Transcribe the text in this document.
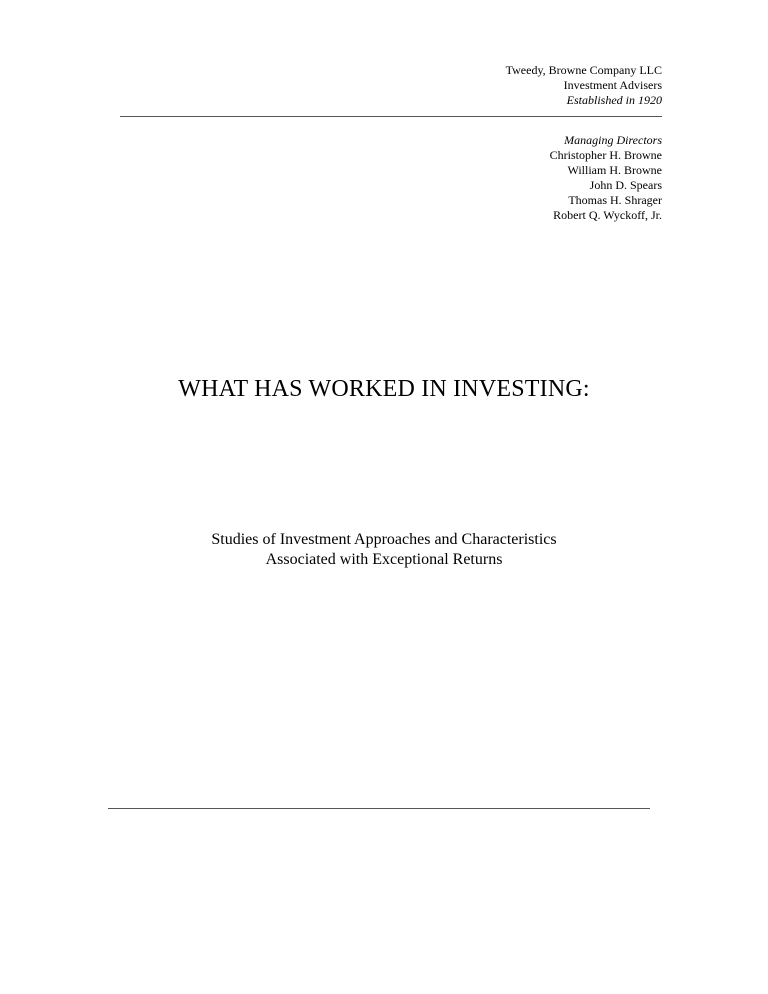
Tweedy, Browne Company LLC
Investment Advisers
Established in 1920
Managing Directors
Christopher H. Browne
William H. Browne
John D. Spears
Thomas H. Shrager
Robert Q. Wyckoff, Jr.
WHAT HAS WORKED IN INVESTING:
Studies of Investment Approaches and Characteristics
Associated with Exceptional Returns
